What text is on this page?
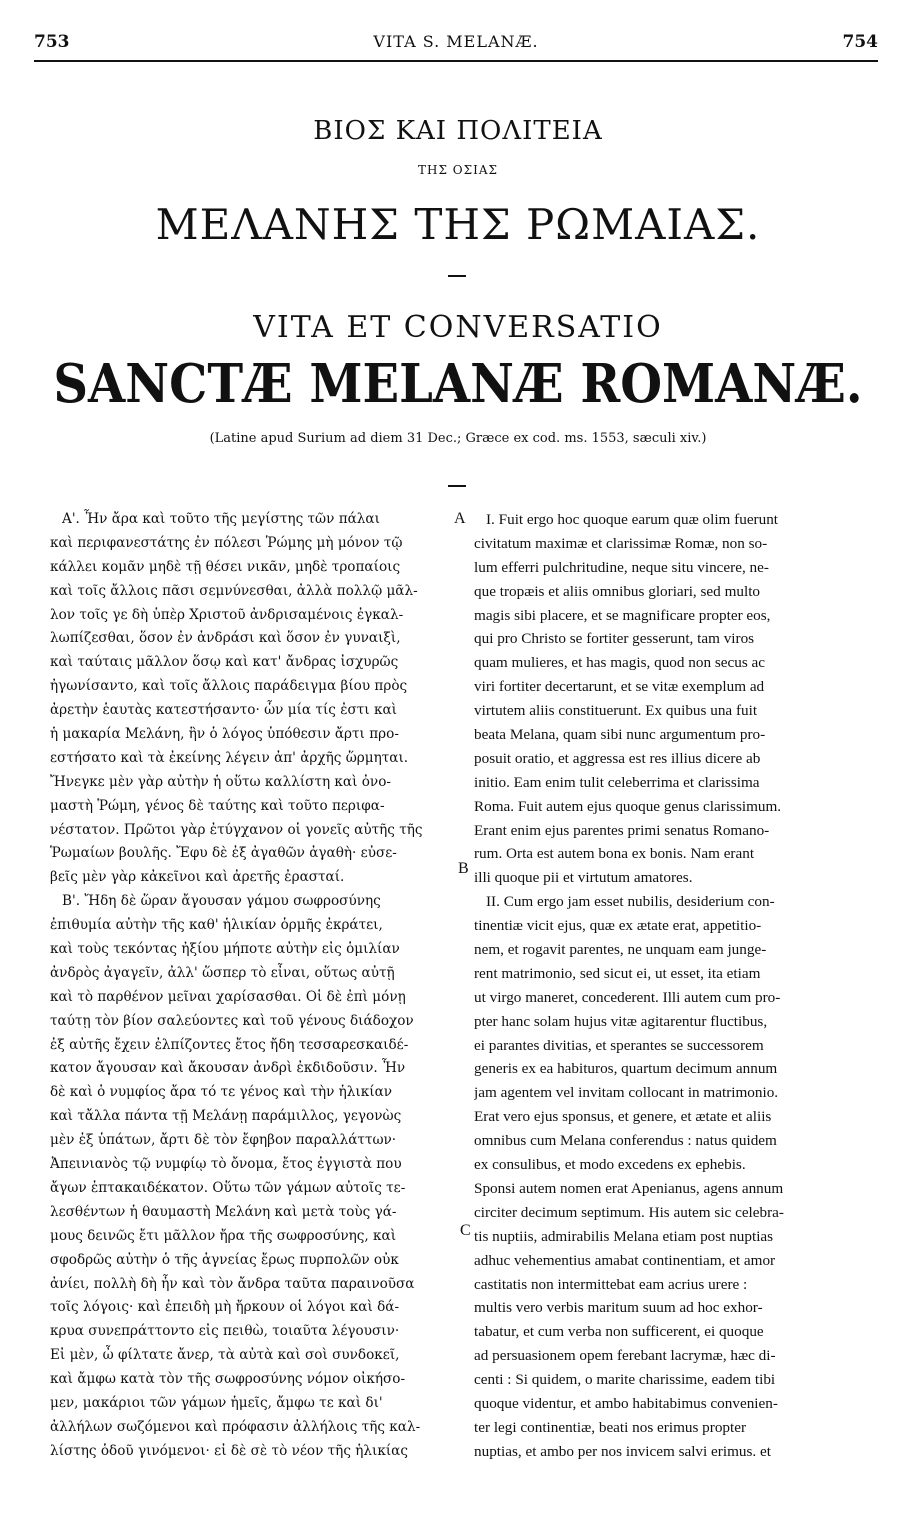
753	VITA S. MELANÆ.	754
ΒΙΟΣ ΚΑΙ ΠΟΛΙΤΕΙΑ
ΤΗΣ ΟΣΙΑΣ
ΜΕΛΑΝΗΣ ΤΗΣ ΡΩΜΑΙΑΣ.
VITA ET CONVERSATIO
SANCTÆ MELANÆ ROMANÆ.
(Latine apud Surium ad diem 31 Dec.; Græce ex cod. ms. 1553, sæculi xiv.)
Α'. Ἦν ἄρα καὶ τοῦτο τῆς μεγίστης τῶν πάλαι
καὶ περιφανεστάτης ἐν πόλεσι Ῥώμης μὴ μόνον τῷ
κάλλει κομᾶν μηδὲ τῇ θέσει νικᾶν, μηδὲ τροπαίοις
καὶ τοῖς ἄλλοις πᾶσι σεμνύνεσθαι, ἀλλὰ πολλῷ μᾶλ-
λον τοῖς γε δὴ ὑπὲρ Χριστοῦ ἀνδρισαμένοις ἐγκαλ-
λωπίζεσθαι, ὅσον ἐν ἀνδράσι καὶ ὅσον ἐν γυναιξὶ,
καὶ ταύταις μᾶλλον ὅσῳ καὶ κατ' ἄνδρας ἰσχυρῶς
ἠγωνίσαντο, καὶ τοῖς ἄλλοις παράδειγμα βίου πρὸς
ἀρετὴν ἑαυτὰς κατεστήσαντο· ὧν μία τίς ἐστι καὶ
ἡ μακαρία Μελάνη, ἣν ὁ λόγος ὑπόθεσιν ἄρτι προ-
εστήσατο καὶ τὰ ἐκείνης λέγειν ἀπ' ἀρχῆς ὥρμηται.
Ἤνεγκε μὲν γὰρ αὐτὴν ἡ οὕτω καλλίστη καὶ ὀνο-
μαστὴ Ῥώμη, γένος δὲ ταύτης καὶ τοῦτο περιφα-
νέστατον. Πρῶτοι γὰρ ἐτύγχανον οἱ γονεῖς αὐτῆς τῆς
Ῥωμαίων βουλῆς. Ἔφυ δὲ ἐξ ἀγαθῶν ἀγαθὴ· εὐσε-
βεῖς μὲν γὰρ κἀκεῖνοι καὶ ἀρετῆς ἐρασταί.
Β'. Ἤδη δὲ ὥραν ἄγουσαν γάμου σωφροσύνης
ἐπιθυμία αὐτὴν τῆς καθ' ἡλικίαν ὁρμῆς ἐκράτει,
καὶ τοὺς τεκόντας ἠξίου μήποτε αὐτὴν εἰς ὁμιλίαν
ἀνδρὸς ἀγαγεῖν, ἀλλ' ὥσπερ τὸ εἶναι, οὕτως αὐτῇ
καὶ τὸ παρθένον μεῖναι χαρίσασθαι. Οἱ δὲ ἐπὶ μόνῃ
ταύτῃ τὸν βίον σαλεύοντες καὶ τοῦ γένους διάδοχον
ἐξ αὐτῆς ἔχειν ἐλπίζοντες ἔτος ἤδη τεσσαρεσκαιδέ-
κατον ἄγουσαν καὶ ἄκουσαν ἀνδρὶ ἐκδιδοῦσιν. Ἦν
δὲ καὶ ὁ νυμφίος ἄρα τό τε γένος καὶ τὴν ἡλικίαν
καὶ τἄλλα πάντα τῇ Μελάνῃ παράμιλλος, γεγονὼς
μὲν ἐξ ὑπάτων, ἄρτι δὲ τὸν ἔφηβον παραλλάττων·
Ἀπεινιανὸς τῷ νυμφίῳ τὸ ὄνομα, ἔτος ἐγγιστὰ που
ἄγων ἑπτακαιδέκατον. Οὕτω τῶν γάμων αὐτοῖς τε-
λεσθέντων ἡ θαυμαστὴ Μελάνη καὶ μετὰ τοὺς γά-
μους δεινῶς ἔτι μᾶλλον ἤρα τῆς σωφροσύνης, καὶ
σφοδρῶς αὐτὴν ὁ τῆς ἁγνείας ἔρως πυρπολῶν οὐκ
ἀνίει, πολλὴ δὴ ἦν καὶ τὸν ἄνδρα ταῦτα παραινοῦσα
τοῖς λόγοις· καὶ ἐπειδὴ μὴ ἤρκουν οἱ λόγοι καὶ δά-
κρυα συνεπράττοντο εἰς πειθὼ, τοιαῦτα λέγουσιν·
Εἰ μὲν, ὦ φίλτατε ἄνερ, τὰ αὐτὰ καὶ σοὶ συνδοκεῖ,
καὶ ἄμφω κατὰ τὸν τῆς σωφροσύνης νόμον οἰκήσο-
μεν, μακάριοι τῶν γάμων ἡμεῖς, ἄμφω τε καὶ δι'
ἀλλήλων σωζόμενοι καὶ πρόφασιν ἀλλήλοις τῆς καλ-
λίστης ὁδοῦ γινόμενοι· εἰ δὲ σὲ τὸ νέον τῆς ἡλικίας
I. Fuit ergo hoc quoque earum quæ olim fuerunt
civitatum maximæ et clarissimæ Romæ, non so-
lum efferri pulchritudine, neque situ vincere, ne-
que tropæis et aliis omnibus gloriari, sed multo
magis sibi placere, et se magnificare propter eos,
qui pro Christo se fortiter gesserunt, tam viros
quam mulieres, et has magis, quod non secus ac
viri fortiter decertarunt, et se vitæ exemplum ad
virtutem aliis constituerunt. Ex quibus una fuit
beata Melana, quam sibi nunc argumentum pro-
posuit oratio, et aggressa est res illius dicere ab
initio. Eam enim tulit celeberrima et clarissima
Roma. Fuit autem ejus quoque genus clarissimum.
Erant enim ejus parentes primi senatus Romano-
rum. Orta est autem bona ex bonis. Nam erant
illi quoque pii et virtutum amatores.
II. Cum ergo jam esset nubilis, desiderium con-
tinentiæ vicit ejus, quæ ex ætate erat, appetitio-
nem, et rogavit parentes, ne unquam eam junge-
rent matrimonio, sed sicut ei, ut esset, ita etiam
ut virgo maneret, concederent. Illi autem cum pro-
pter hanc solam hujus vitæ agitarentur fluctibus,
ei parantes divitias, et sperantes se successorem
generis ex ea habituros, quartum decimum annum
jam agentem vel invitam collocant in matrimonio.
Erat vero ejus sponsus, et genere, et ætate et aliis
omnibus cum Melana conferendus : natus quidem
ex consulibus, et modo excedens ex ephebis.
Sponsi autem nomen erat Apenianus, agens annum
circiter decimum septimum. His autem sic celebra-
tis nuptiis, admirabilis Melana etiam post nuptias
adhuc vehementius amabat continentiam, et amor
castitatis non intermittebat eam acrius urere :
multis vero verbis maritum suum ad hoc exhor-
tabatur, et cum verba non sufficerent, ei quoque
ad persuasionem opem ferebant lacrymæ, hæc di-
centi : Si quidem, o marite charissime, eadem tibi
quoque videntur, et ambo habitabimus convenien-
ter legi continentiæ, beati nos erimus propter
nuptias, et ambo per nos invicem salvi erimus. et
A
B
C
